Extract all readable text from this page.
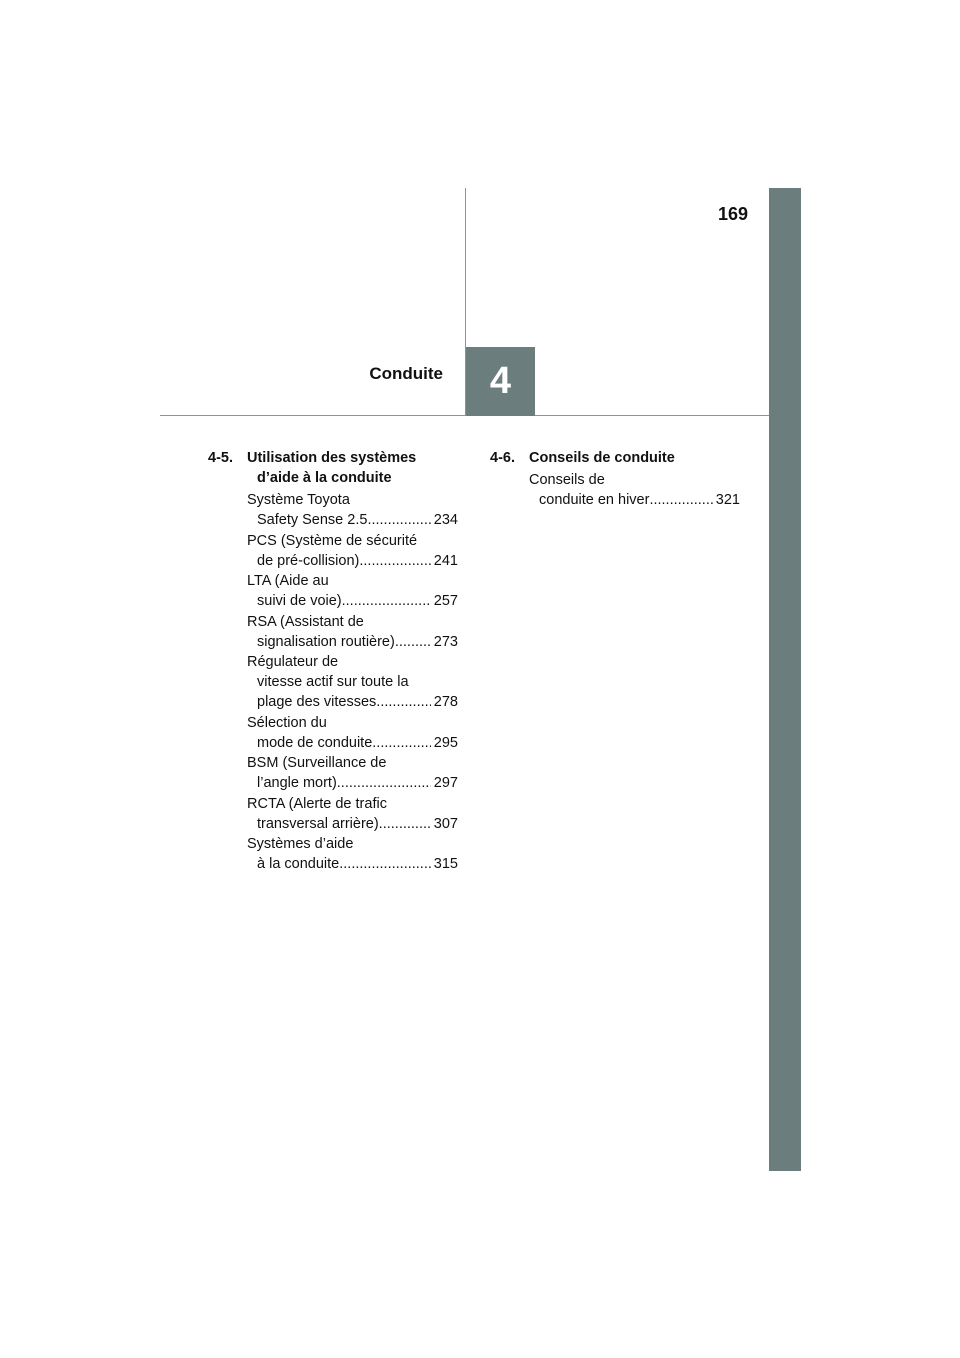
169
4
Conduite
4-5. Utilisation des systèmes
d’aide à la conduite
Système Toyota
Safety Sense 2.5 .....	234
PCS (Système de sécurité
de pré-collision) .....	241
LTA (Aide au
suivi de voie) .....	257
RSA (Assistant de
signalisation routière) .....	273
Régulateur de
vitesse actif sur toute la
plage des vitesses .....	278
Sélection du
mode de conduite .....	295
BSM (Surveillance de
l’angle mort) .....	297
RCTA (Alerte de trafic
transversal arrière) .....	307
Systèmes d’aide
à la conduite .....	315
4-6. Conseils de conduite
Conseils de
conduite en hiver .....	321
